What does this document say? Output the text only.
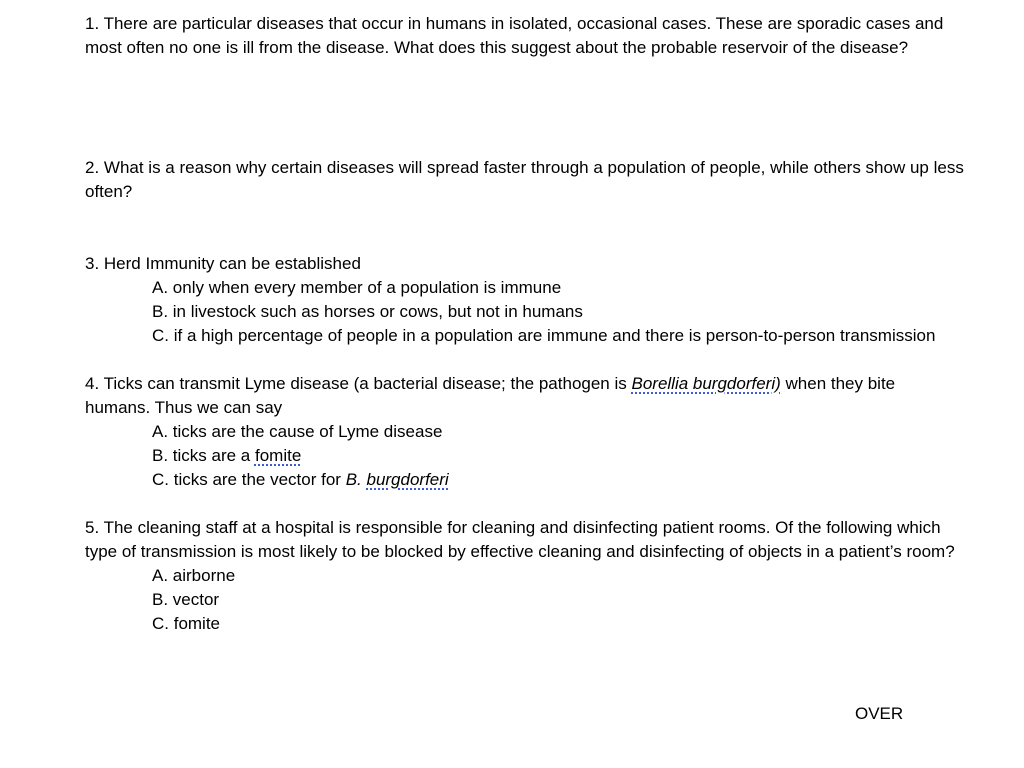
1. There are particular diseases that occur in humans in isolated, occasional cases. These are sporadic cases and most often no one is ill from the disease. What does this suggest about the probable reservoir of the disease?

2. What is a reason why certain diseases will spread faster through a population of people, while others show up less often?

3. Herd Immunity can be established

A. only when every member of a population is immune

B. in livestock such as horses or cows, but not in humans

C. if a high percentage of people in a population are immune and there is person-to-person transmission

4. Ticks can transmit Lyme disease (a bacterial disease; the pathogen is Borellia burgdorferi) when they bite humans. Thus we can say

A. ticks are the cause of Lyme disease

B. ticks are a fomite

C. ticks are the vector for B. burgdorferi

5. The cleaning staff at a hospital is responsible for cleaning and disinfecting patient rooms. Of the following which type of transmission is most likely to be blocked by effective cleaning and disinfecting of objects in a patient’s room?

A. airborne

B. vector

C. fomite

OVER
